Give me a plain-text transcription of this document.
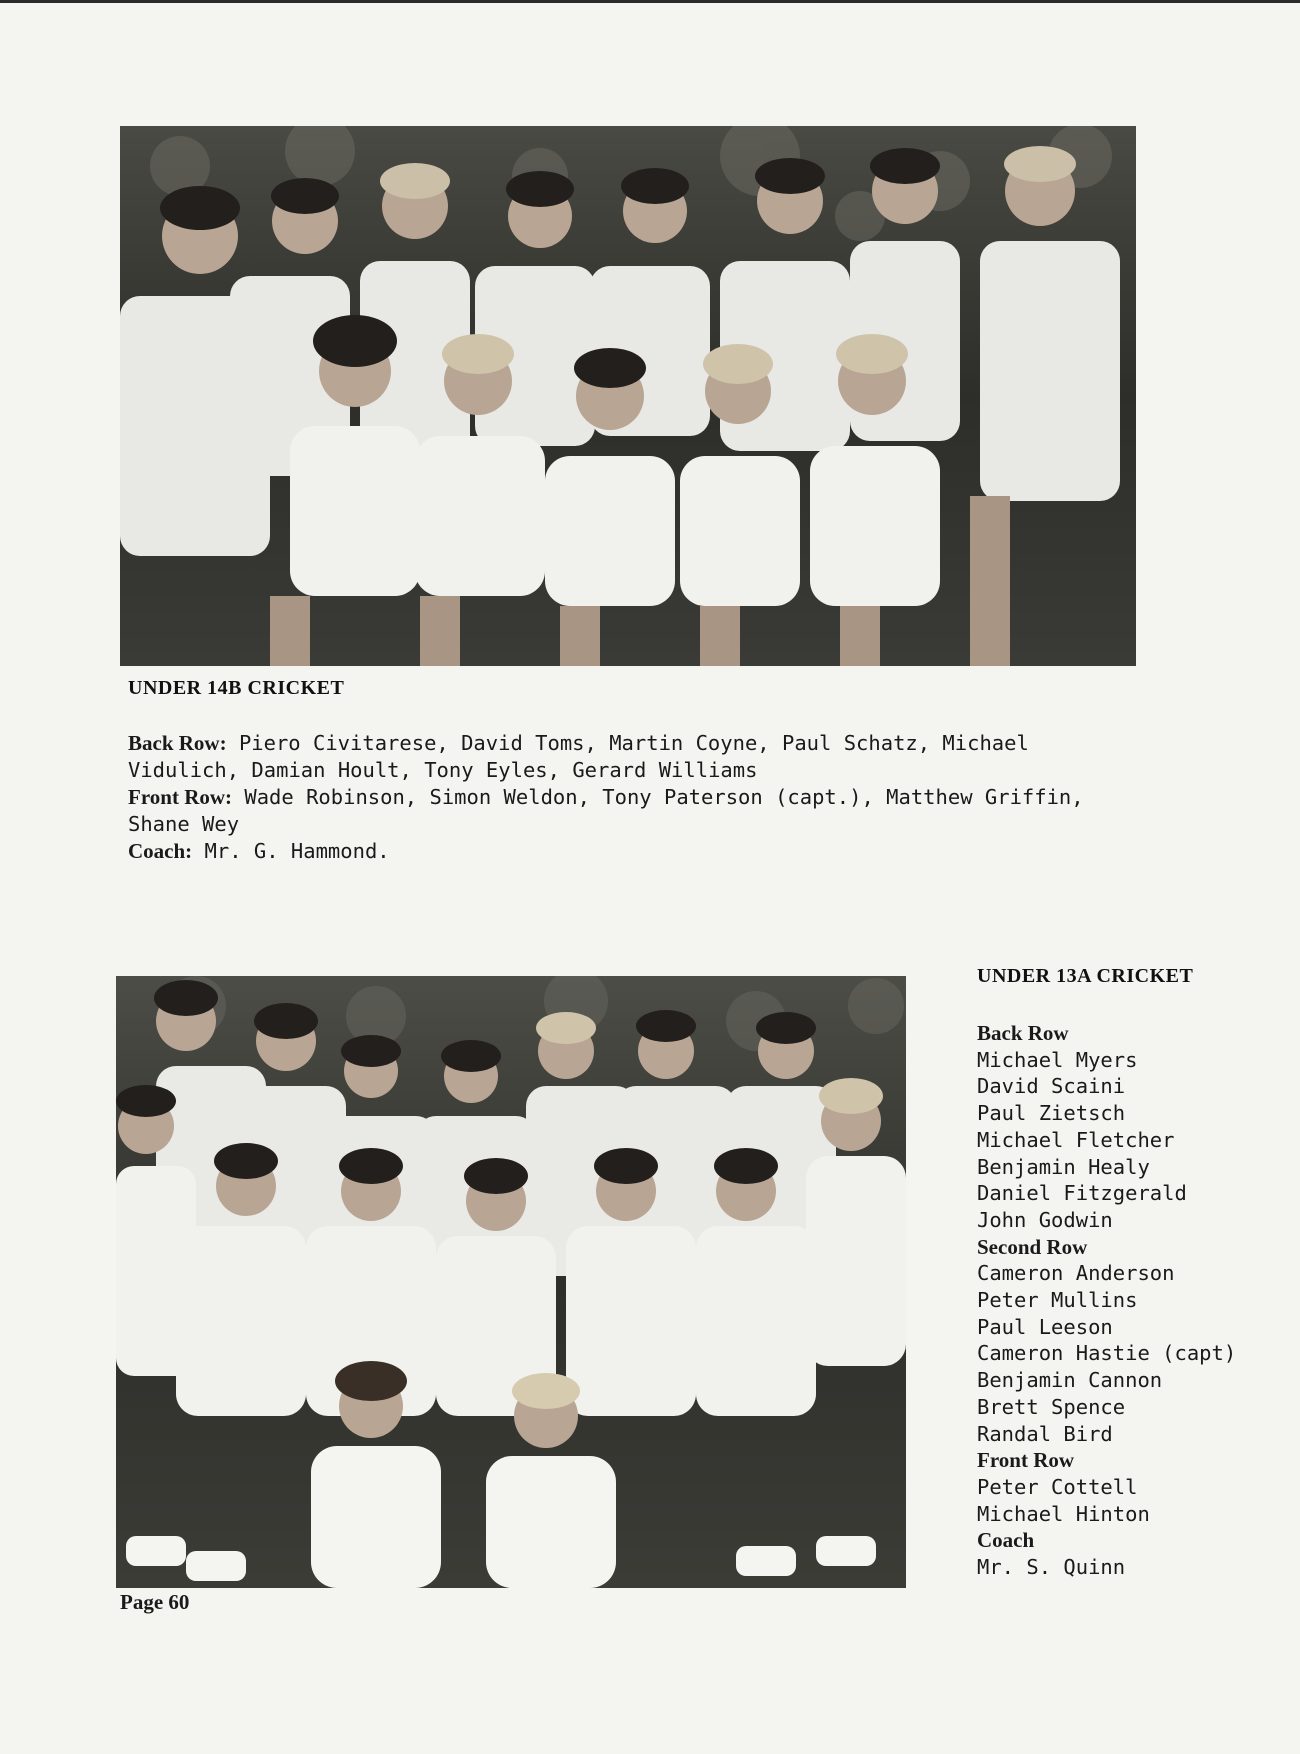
UNDER 14B CRICKET

Back Row: Piero Civitarese, David Toms, Martin Coyne, Paul Schatz, Michael Vidulich, Damian Hoult, Tony Eyles, Gerard Williams

Front Row: Wade Robinson, Simon Weldon, Tony Paterson (capt.), Matthew Griffin, Shane Wey

Coach: Mr. G. Hammond.

UNDER 13A CRICKET
Back Row
Michael Myers
David Scaini
Paul Zietsch
Michael Fletcher
Benjamin Healy
Daniel Fitzgerald
John Godwin
Second Row
Cameron Anderson
Peter Mullins
Paul Leeson
Cameron Hastie (capt)
Benjamin Cannon
Brett Spence
Randal Bird
Front Row
Peter Cottell
Michael Hinton
Coach
Mr. S. Quinn
Page 60
